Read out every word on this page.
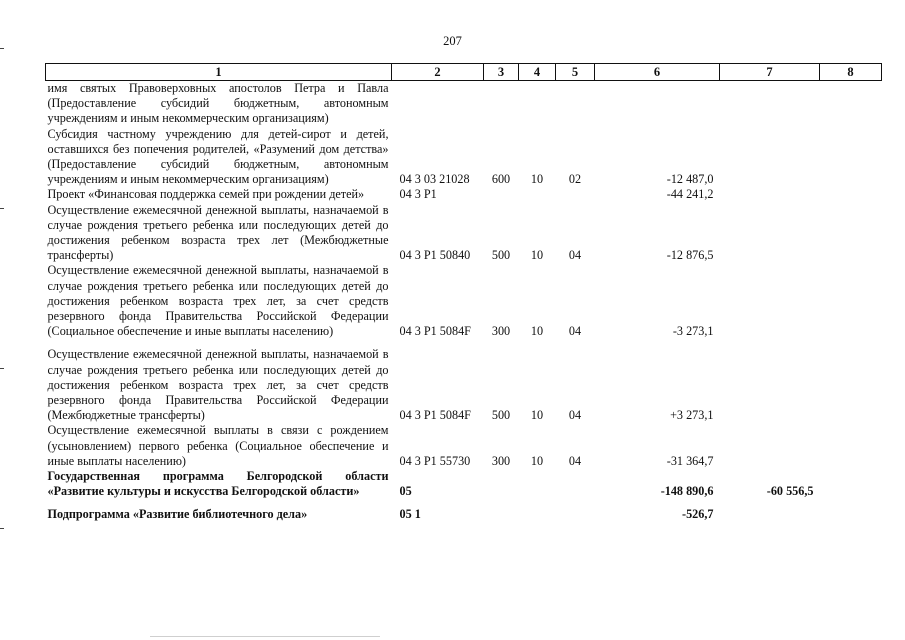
207
1	2	3	4	5	6	7	8
имя святых Правоверховных апостолов Петра и Павла (Предоставление субсидий бюджетным, автономным учреждениям и иным некоммерческим организациям)							
Субсидия частному учреждению для детей-сирот и детей, оставшихся без попечения родителей, «Разумений дом детства» (Предоставление субсидий бюджетным, автономным учреждениям и иным некоммерческим организациям)	04 3 03 21028	600	10	02	-12 487,0		
Проект «Финансовая поддержка семей при рождении детей»	04 3 P1				-44 241,2		
Осуществление ежемесячной денежной выплаты, назначаемой в случае рождения третьего ребенка или последующих детей до достижения ребенком возраста трех лет (Межбюджетные трансферты)	04 3 P1 50840	500	10	04	-12 876,5		
Осуществление ежемесячной денежной выплаты, назначаемой в случае рождения третьего ребенка или последующих детей до достижения ребенком возраста трех лет, за счет средств резервного фонда Правительства Российской Федерации (Социальное обеспечение и иные выплаты населению)	04 3 P1 5084F	300	10	04	-3 273,1		
Осуществление ежемесячной денежной выплаты, назначаемой в случае рождения третьего ребенка или последующих детей до достижения ребенком возраста трех лет, за счет средств резервного фонда Правительства Российской Федерации (Межбюджетные трансферты)	04 3 P1 5084F	500	10	04	+3 273,1		
Осуществление ежемесячной выплаты в связи с рождением (усыновлением) первого ребенка (Социальное обеспечение и иные выплаты населению)	04 3 P1 55730	300	10	04	-31 364,7		
Государственная программа Белгородской области «Развитие культуры и искусства Белгородской области»	05				-148 890,6	-60 556,5	
Подпрограмма «Развитие библиотечного дела»	05 1				-526,7		
